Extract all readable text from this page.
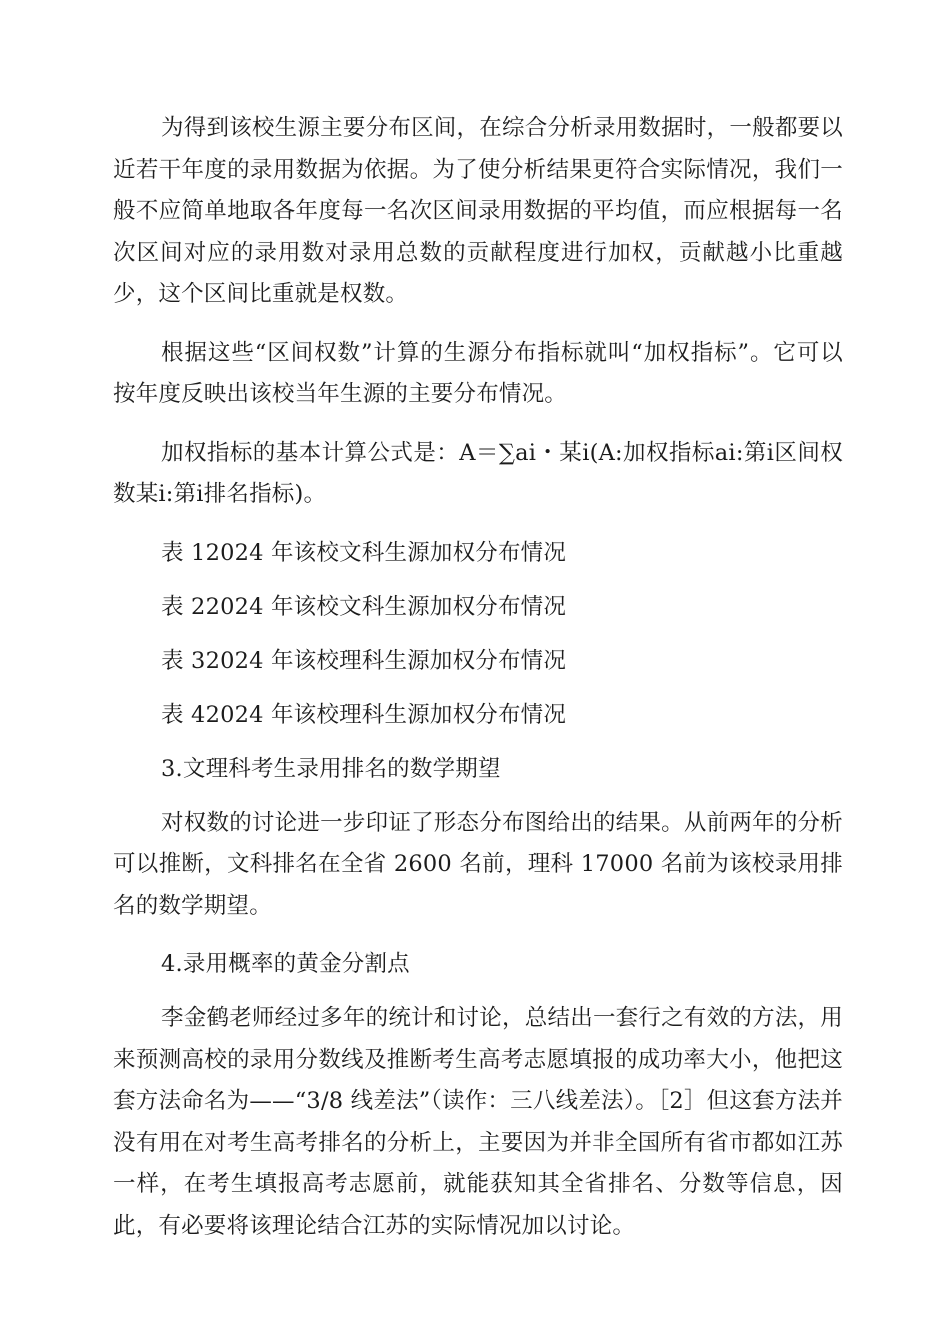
为得到该校生源主要分布区间，在综合分析录用数据时，一般都要以近若干年度的录用数据为依据。为了使分析结果更符合实际情况，我们一般不应简单地取各年度每一名次区间录用数据的平均值，而应根据每一名次区间对应的录用数对录用总数的贡献程度进行加权，贡献越小比重越少，这个区间比重就是权数。

根据这些“区间权数”计算的生源分布指标就叫“加权指标”。它可以按年度反映出该校当年生源的主要分布情况。

加权指标的基本计算公式是：A＝∑ai・某i(A:加权指标ai:第i区间权数某i:第i排名指标)。

表 12024 年该校文科生源加权分布情况

表 22024 年该校文科生源加权分布情况

表 32024 年该校理科生源加权分布情况

表 42024 年该校理科生源加权分布情况

3.文理科考生录用排名的数学期望

对权数的讨论进一步印证了形态分布图给出的结果。从前两年的分析可以推断，文科排名在全省 2600 名前，理科 17000 名前为该校录用排名的数学期望。

4.录用概率的黄金分割点

李金鹤老师经过多年的统计和讨论，总结出一套行之有效的方法，用来预测高校的录用分数线及推断考生高考志愿填报的成功率大小，他把这套方法命名为——“3/8 线差法”（读作：三八线差法）。［2］但这套方法并没有用在对考生高考排名的分析上，主要因为并非全国所有省市都如江苏一样，在考生填报高考志愿前，就能获知其全省排名、分数等信息，因此，有必要将该理论结合江苏的实际情况加以讨论。
